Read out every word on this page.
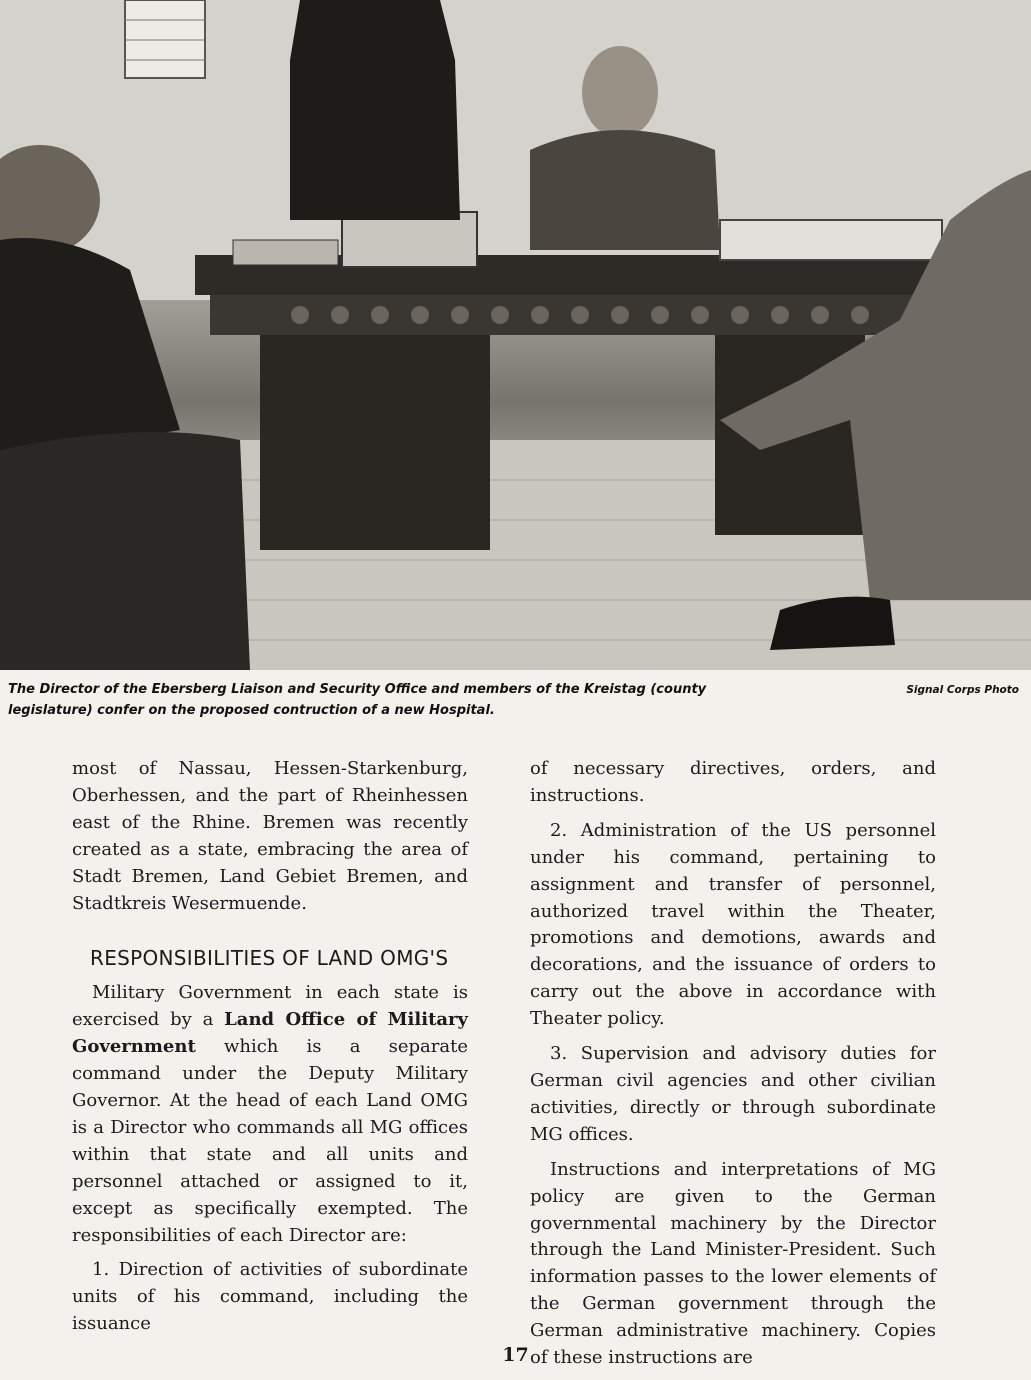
The Director of the Ebersberg Liaison and Security Office and members of the Kreistag (county legislature) confer on the proposed contruction of a new Hospital.
Signal Corps Photo

most of Nassau, Hessen-Starkenburg, Oberhessen, and the part of Rheinhessen east of the Rhine. Bremen was recently created as a state, embracing the area of Stadt Bremen, Land Gebiet Bremen, and Stadtkreis Wesermuende.

RESPONSIBILITIES OF LAND OMG'S

Military Government in each state is exercised by a Land Office of Military Government which is a separate command under the Deputy Military Governor. At the head of each Land OMG is a Director who commands all MG offices within that state and all units and personnel attached or assigned to it, except as specifically exempted. The responsibilities of each Director are:

1. Direction of activities of subordinate units of his command, including the issuance

of necessary directives, orders, and instructions.

2. Administration of the US personnel under his command, pertaining to assignment and transfer of personnel, authorized travel within the Theater, promotions and demotions, awards and decorations, and the issuance of orders to carry out the above in accordance with Theater policy.

3. Supervision and advisory duties for German civil agencies and other civilian activities, directly or through subordinate MG offices.

Instructions and interpretations of MG policy are given to the German governmental machinery by the Director through the Land Minister-President. Such information passes to the lower elements of the German government through the German administrative machinery. Copies of these instructions are

17
